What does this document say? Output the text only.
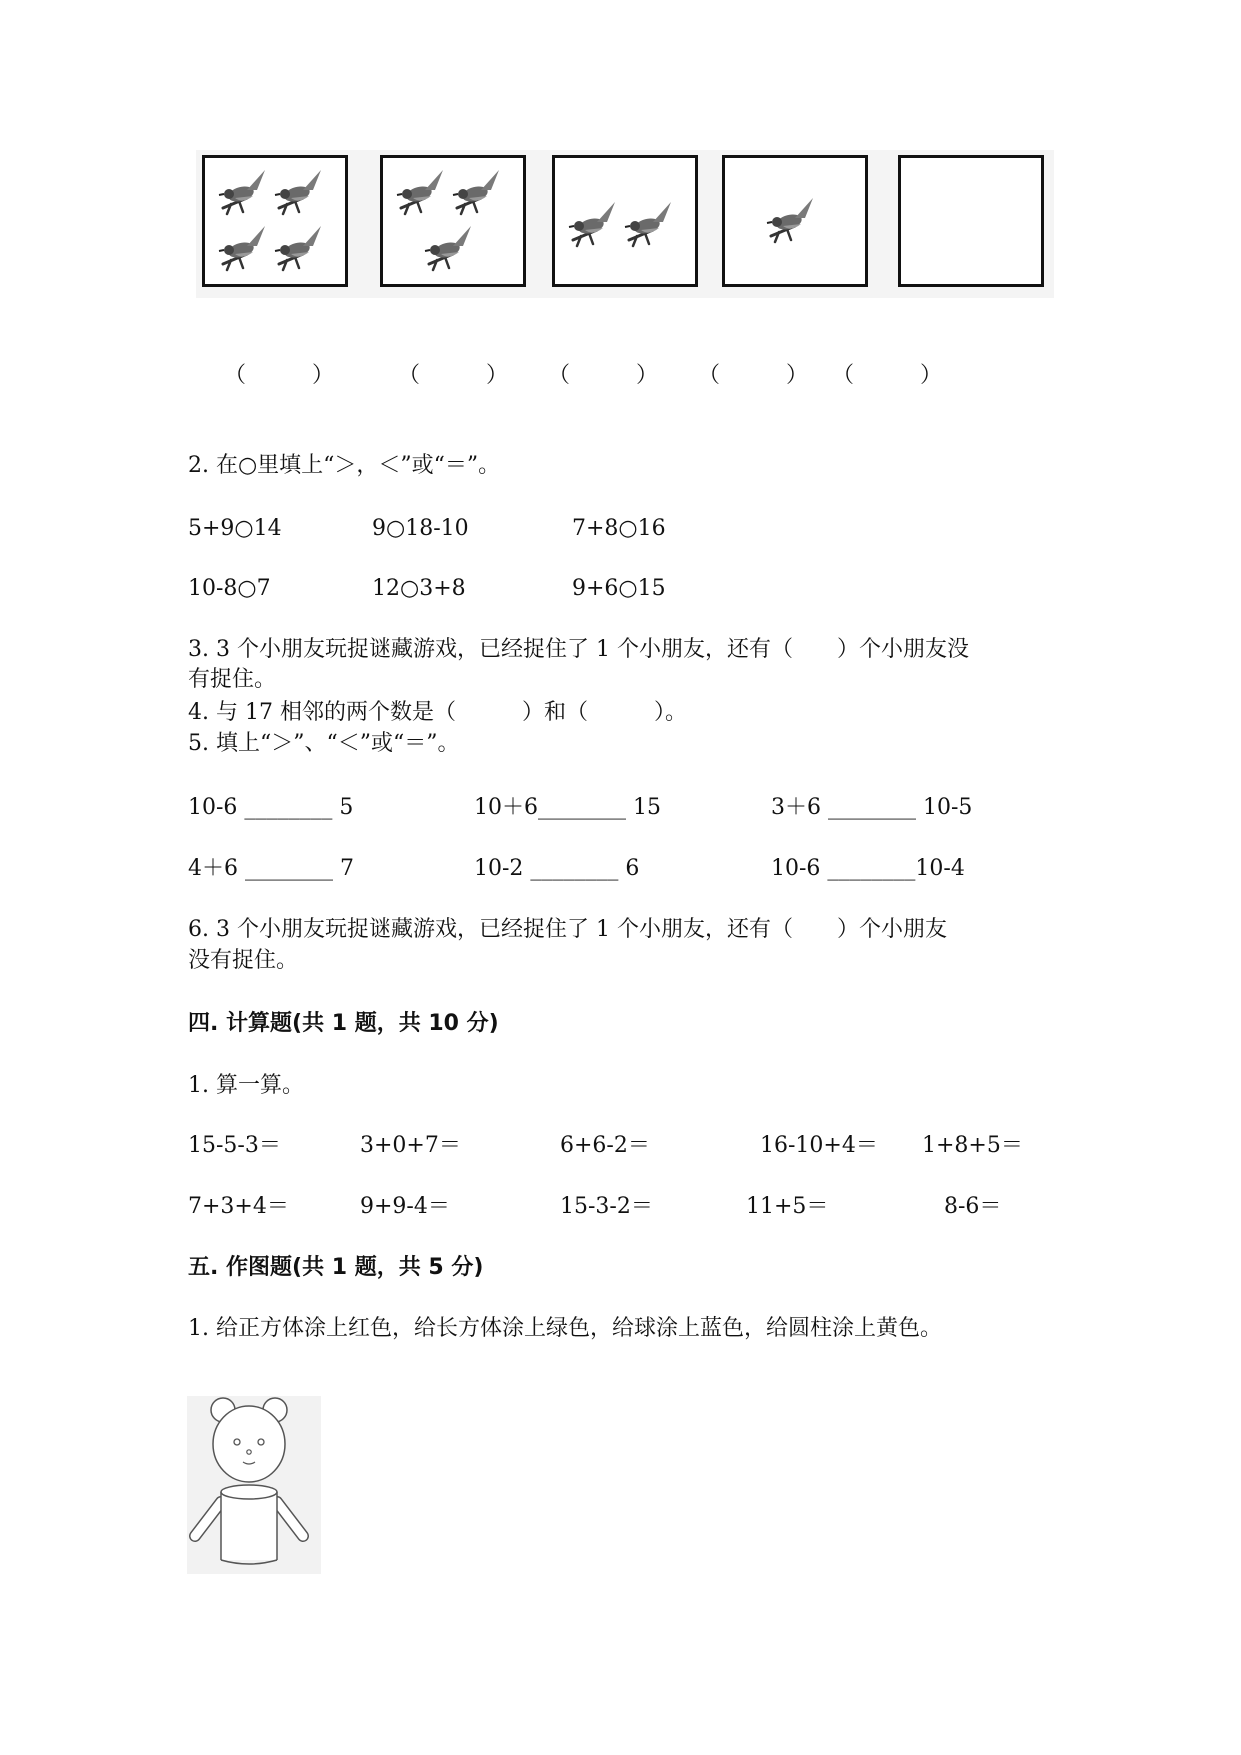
（　　　）	（　　　） （　　　） （　　　） （　　　）
2. 在○里填上“＞，＜”或“＝”。
5+9○14	9○18-10	7+8○16
10-8○7	12○3+8	9+6○15
3. 3 个小朋友玩捉谜藏游戏，已经捉住了 1 个小朋友，还有（　　）个小朋友没
有捉住。
4. 与 17 相邻的两个数是（　　　）和（　　　）。
5. 填上“＞”、“＜”或“＝”。
10-6 ________ 5	10＋6________ 15	3＋6 ________ 10-5
4＋6 ________ 7	10-2 ________ 6	10-6 ________10-4
6. 3 个小朋友玩捉谜藏游戏，已经捉住了 1 个小朋友，还有（　　）个小朋友
没有捉住。
四. 计算题(共 1 题，共 10 分)
1. 算一算。
15-5-3＝	3+0+7＝	6+6-2＝	16-10+4＝ 1+8+5＝
7+3+4＝	9+9-4＝	15-3-2＝	11+5＝	8-6＝
五. 作图题(共 1 题，共 5 分)
1. 给正方体涂上红色，给长方体涂上绿色，给球涂上蓝色，给圆柱涂上黄色。
